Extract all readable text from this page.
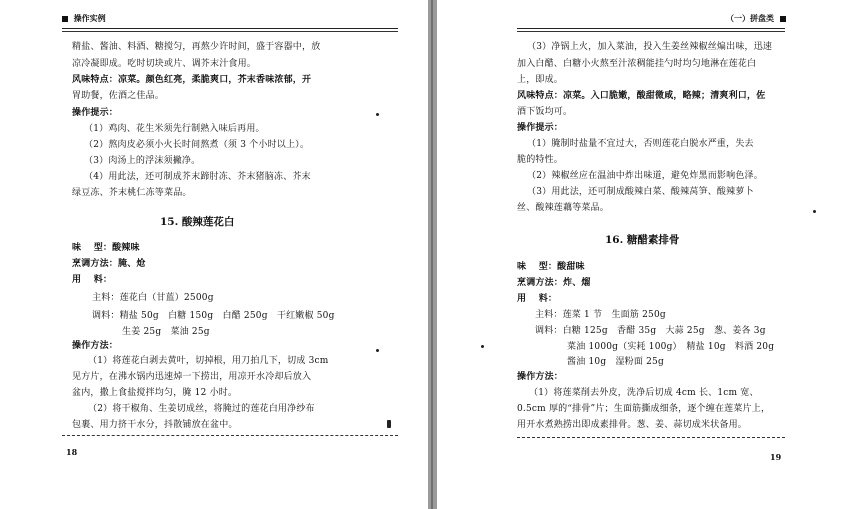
操作实例
精盐、酱油、料酒、糖搅匀，再熬少许时间，盛于容器中，放
凉冷凝即成。吃时切块或片、调芥末汁食用。
风味特点：凉菜。颜色红亮，柔脆爽口，芥末香味浓郁，开
胃助餐，佐酒之佳品。
操作提示：
（1）鸡肉、花生米须先行制熟入味后再用。
（2）熬肉皮必须小火长时间熬煮（须 3 个小时以上）。
（3）肉汤上的浮沫须撇净。
（4）用此法，还可制成芥末蹄肘冻、芥末猪脑冻、芥末
绿豆冻、芥末桃仁冻等菜品。
15. 酸辣莲花白
味　 型：酸辣味
烹调方法：腌、炝
用　 料：
主料：莲花白（甘蓝）2500g
调料：精盐 50g　白糖 150g　白醋 250g　干红嫩椒 50g
生姜 25g　菜油 25g
操作方法：
（1）将莲花白剥去黄叶，切掉根，用刀拍几下，切成 3cm
见方片，在沸水锅内迅速焯一下捞出，用凉开水冷却后放入
盆内，撒上食盐搅拌均匀，腌 12 小时。
（2）将干椒角、生姜切成丝，将腌过的莲花白用净纱布
包裹、用力挤干水分，抖散铺放在盆中。
18
（一）拼盘类
（3）净锅上火，加入菜油，投入生姜丝辣椒丝煸出味，迅速
加入白醋、白糖小火熬至汁浓稠能挂勺时均匀地淋在莲花白
上，即成。
风味特点：凉菜。入口脆嫩，酸甜微咸，略辣；清爽利口，佐
酒下饭均可。
操作提示：
（1）腌制时盐量不宜过大，否则莲花白脱水严重，失去
脆的特性。
（2）辣椒丝应在温油中炸出味道，避免炸黑而影响色泽。
（3）用此法，还可制成酸辣白菜、酸辣莴笋、酸辣萝卜
丝、酸辣莲藕等菜品。
16. 糖醋素排骨
味　 型：酸甜味
烹调方法：炸、熘
用　 料：
主料：莲菜 1 节　生面筋 250g
调料：白糖 125g　香醋 35g　大蒜 25g　葱、姜各 3g
菜油 1000g（实耗 100g）　精盐 10g　料酒 20g
酱油 10g　湿粉面 25g
操作方法：
（1）将莲菜削去外皮，洗净后切成 4cm 长、1cm 宽、
0.5cm 厚的“排骨”片；生面筋撕成细条，逐个缠在莲菜片上，
用开水煮熟捞出即成素排骨。葱、姜、蒜切成米状备用。
19
